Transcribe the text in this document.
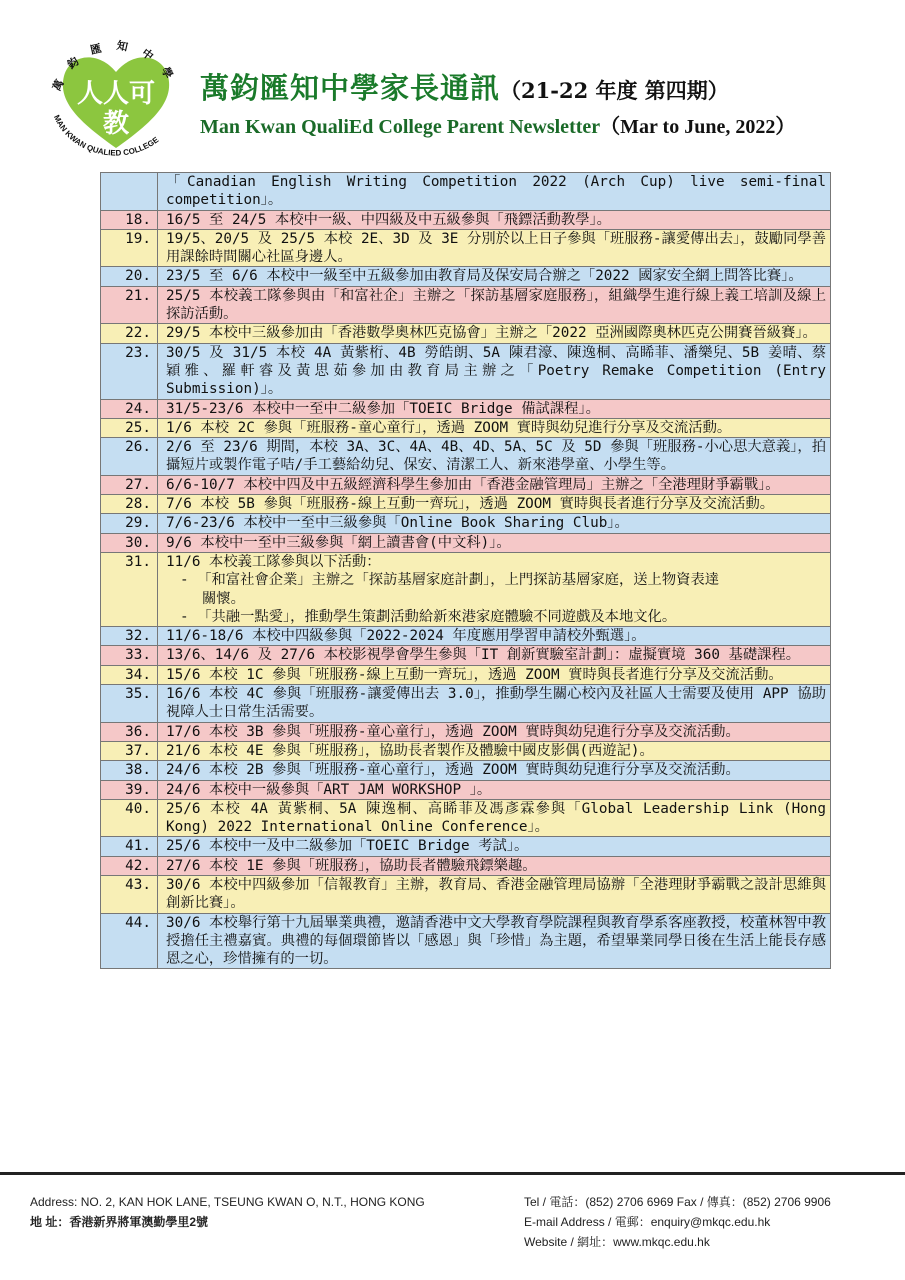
人人可
教
萬鈞匯知中學
MAN KWAN QUALIED COLLEGE
萬鈞匯知中學家長通訊（21-22 年度 第四期）
Man Kwan QualiEd College Parent Newsletter（Mar to June, 2022）

	「Canadian English Writing Competition 2022 (Arch Cup) live semi-final competition」。

18.	16/5 至 24/5 本校中一級、中四級及中五級參與「飛鏢活動教學」。

19.	19/5、20/5 及 25/5 本校 2E、3D 及 3E 分別於以上日子參與「班服務-讓愛傳出去」，鼓勵同學善用課餘時間關心社區身邊人。

20.	23/5 至 6/6 本校中一級至中五級參加由教育局及保安局合辦之「2022 國家安全網上問答比賽」。

21.	25/5 本校義工隊參與由「和富社企」主辦之「探訪基層家庭服務」，組織學生進行線上義工培訓及線上探訪活動。

22.	29/5 本校中三級參加由「香港數學奧林匹克協會」主辦之「2022 亞洲國際奧林匹克公開賽晉級賽」。

23.	30/5 及 31/5 本校 4A 黃紫桁、4B 勞皓朗、5A 陳君濠、陳逸桐、高睎菲、潘樂兒、5B 姜晴、蔡穎雅、羅軒睿及黃思茹參加由教育局主辦之「Poetry Remake Competition (Entry Submission)」。

24.	31/5-23/6 本校中一至中二級參加「TOEIC Bridge 備試課程」。

25.	1/6 本校 2C 參與「班服務-童心童行」，透過 ZOOM 實時與幼兒進行分享及交流活動。

26.	2/6 至 23/6 期間，本校 3A、3C、4A、4B、4D、5A、5C 及 5D 參與「班服務-小心思大意義」，拍攝短片或製作電子咭/手工藝給幼兒、保安、清潔工人、新來港學童、小學生等。

27.	6/6-10/7 本校中四及中五級經濟科學生參加由「香港金融管理局」主辦之「全港理財爭霸戰」。

28.	7/6 本校 5B 參與「班服務-線上互動一齊玩」，透過 ZOOM 實時與長者進行分享及交流活動。

29.	7/6-23/6 本校中一至中三級參與「Online Book Sharing Club」。

30.	9/6 本校中一至中三級參與「網上讀書會(中文科)」。

31.	11/6 本校義工隊參與以下活動：
- 「和富社會企業」主辦之「探訪基層家庭計劃」，上門探訪基層家庭，送上物資表達
關懷。
- 「共融一點愛」，推動學生策劃活動給新來港家庭體驗不同遊戲及本地文化。

32.	11/6-18/6 本校中四級參與「2022-2024 年度應用學習申請校外甄選」。

33.	13/6、14/6 及 27/6 本校影視學會學生參與「IT 創新實驗室計劃」：虛擬實境 360 基礎課程。

34.	15/6 本校 1C 參與「班服務-線上互動一齊玩」，透過 ZOOM 實時與長者進行分享及交流活動。

35.	16/6 本校 4C 參與「班服務-讓愛傳出去 3.0」，推動學生關心校內及社區人士需要及使用 APP 協助視障人士日常生活需要。

36.	17/6 本校 3B 參與「班服務-童心童行」，透過 ZOOM 實時與幼兒進行分享及交流活動。

37.	21/6 本校 4E 參與「班服務」，協助長者製作及體驗中國皮影偶(西遊記)。

38.	24/6 本校 2B 參與「班服務-童心童行」，透過 ZOOM 實時與幼兒進行分享及交流活動。

39.	24/6 本校中一級參與「ART JAM WORKSHOP 」。

40.	25/6 本校 4A 黃紫桐、5A 陳逸桐、高睎菲及馮彥霖參與「Global Leadership Link (Hong Kong) 2022 International Online Conference」。

41.	25/6 本校中一及中二級參加「TOEIC Bridge 考試」。

42.	27/6 本校 1E 參與「班服務」，協助長者體驗飛鏢樂趣。

43.	30/6 本校中四級參加「信報教育」主辦，教育局、香港金融管理局協辦「全港理財爭霸戰之設計思維與創新比賽」。

44.	30/6 本校舉行第十九屆畢業典禮，邀請香港中文大學教育學院課程與教育學系客座教授，校董林智中教授擔任主禮嘉賓。典禮的每個環節皆以「感恩」與「珍惜」為主題，希望畢業同學日後在生活上能長存感恩之心，珍惜擁有的一切。
Address: NO. 2, KAN HOK LANE, TSEUNG KWAN O, N.T., HONG KONG
地 址：香港新界將軍澳勤學里2號
Tel / 電話：(852) 2706 6969 Fax / 傳真：(852) 2706 9906
E-mail Address / 電郵：enquiry@mkqc.edu.hk
Website / 網址：www.mkqc.edu.hk
